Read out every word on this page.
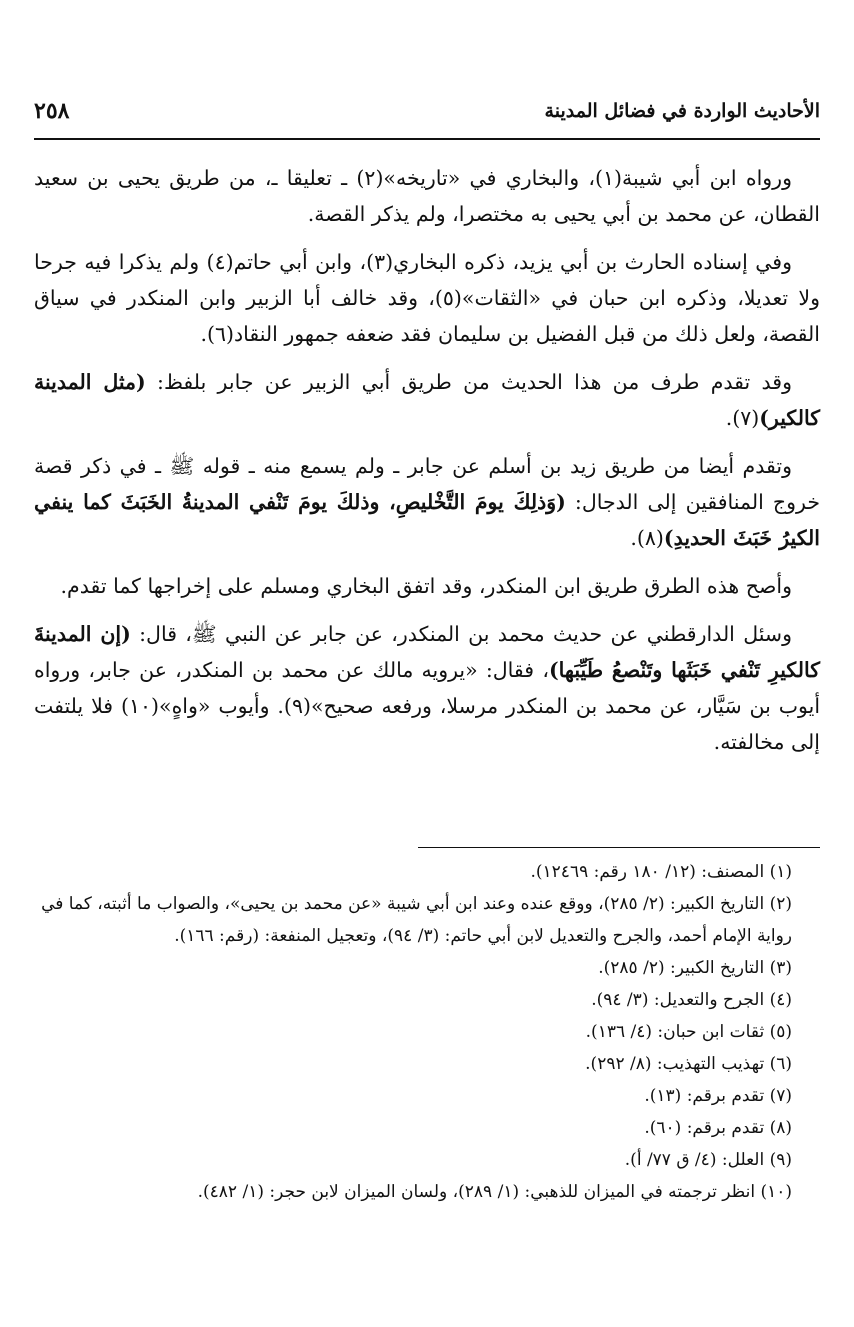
الأحاديث الواردة في فضائل المدينة
٢٥٨

ورواه ابن أبي شيبة(١)، والبخاري في «تاريخه»(٢) ـ تعليقا ـ، من طريق يحيى بن سعيد القطان، عن محمد بن أبي يحيى به مختصرا، ولم يذكر القصة.

وفي إسناده الحارث بن أبي يزيد، ذكره البخاري(٣)، وابن أبي حاتم(٤) ولم يذكرا فيه جرحا ولا تعديلا، وذكره ابن حبان في «الثقات»(٥)، وقد خالف أبا الزبير وابن المنكدر في سياق القصة، ولعل ذلك من قبل الفضيل بن سليمان فقد ضعفه جمهور النقاد(٦).

وقد تقدم طرف من هذا الحديث من طريق أبي الزبير عن جابر بلفظ: (مثل المدينة كالكير)(٧).

وتقدم أيضا من طريق زيد بن أسلم عن جابر ـ ولم يسمع منه ـ قوله ﷺ ـ في ذكر قصة خروج المنافقين إلى الدجال: (وَذلِكَ يومَ التَّخْليصِ، وذلكَ يومَ تَنْفي المدينةُ الخَبَثَ كما ينفي الكيرُ خَبَثَ الحديدِ)(٨).

وأصح هذه الطرق طريق ابن المنكدر، وقد اتفق البخاري ومسلم على إخراجها كما تقدم.

وسئل الدارقطني عن حديث محمد بن المنكدر، عن جابر عن النبي ﷺ، قال: (إن المدينةَ كالكيرِ تَنْفي خَبَثَها وتَنْصعُ طَيِّبَها)، فقال: «يرويه مالك عن محمد بن المنكدر، عن جابر، ورواه أيوب بن سَيَّار، عن محمد بن المنكدر مرسلا، ورفعه صحيح»(٩). وأيوب «واهٍ»(١٠) فلا يلتفت إلى مخالفته.

(١) المصنف: (١٢/ ١٨٠ رقم: ١٢٤٦٩).

(٢) التاريخ الكبير: (٢/ ٢٨٥)، ووقع عنده وعند ابن أبي شيبة «عن محمد بن يحيى»، والصواب ما أثبته، كما في رواية الإمام أحمد، والجرح والتعديل لابن أبي حاتم: (٣/ ٩٤)، وتعجيل المنفعة: (رقم: ١٦٦).

(٣) التاريخ الكبير: (٢/ ٢٨٥).

(٤) الجرح والتعديل: (٣/ ٩٤).

(٥) ثقات ابن حبان: (٤/ ١٣٦).

(٦) تهذيب التهذيب: (٨/ ٢٩٢).

(٧) تقدم برقم: (١٣).

(٨) تقدم برقم: (٦٠).

(٩) العلل: (٤/ ق ٧٧/ أ).

(١٠) انظر ترجمته في الميزان للذهبي: (١/ ٢٨٩)، ولسان الميزان لابن حجر: (١/ ٤٨٢).
